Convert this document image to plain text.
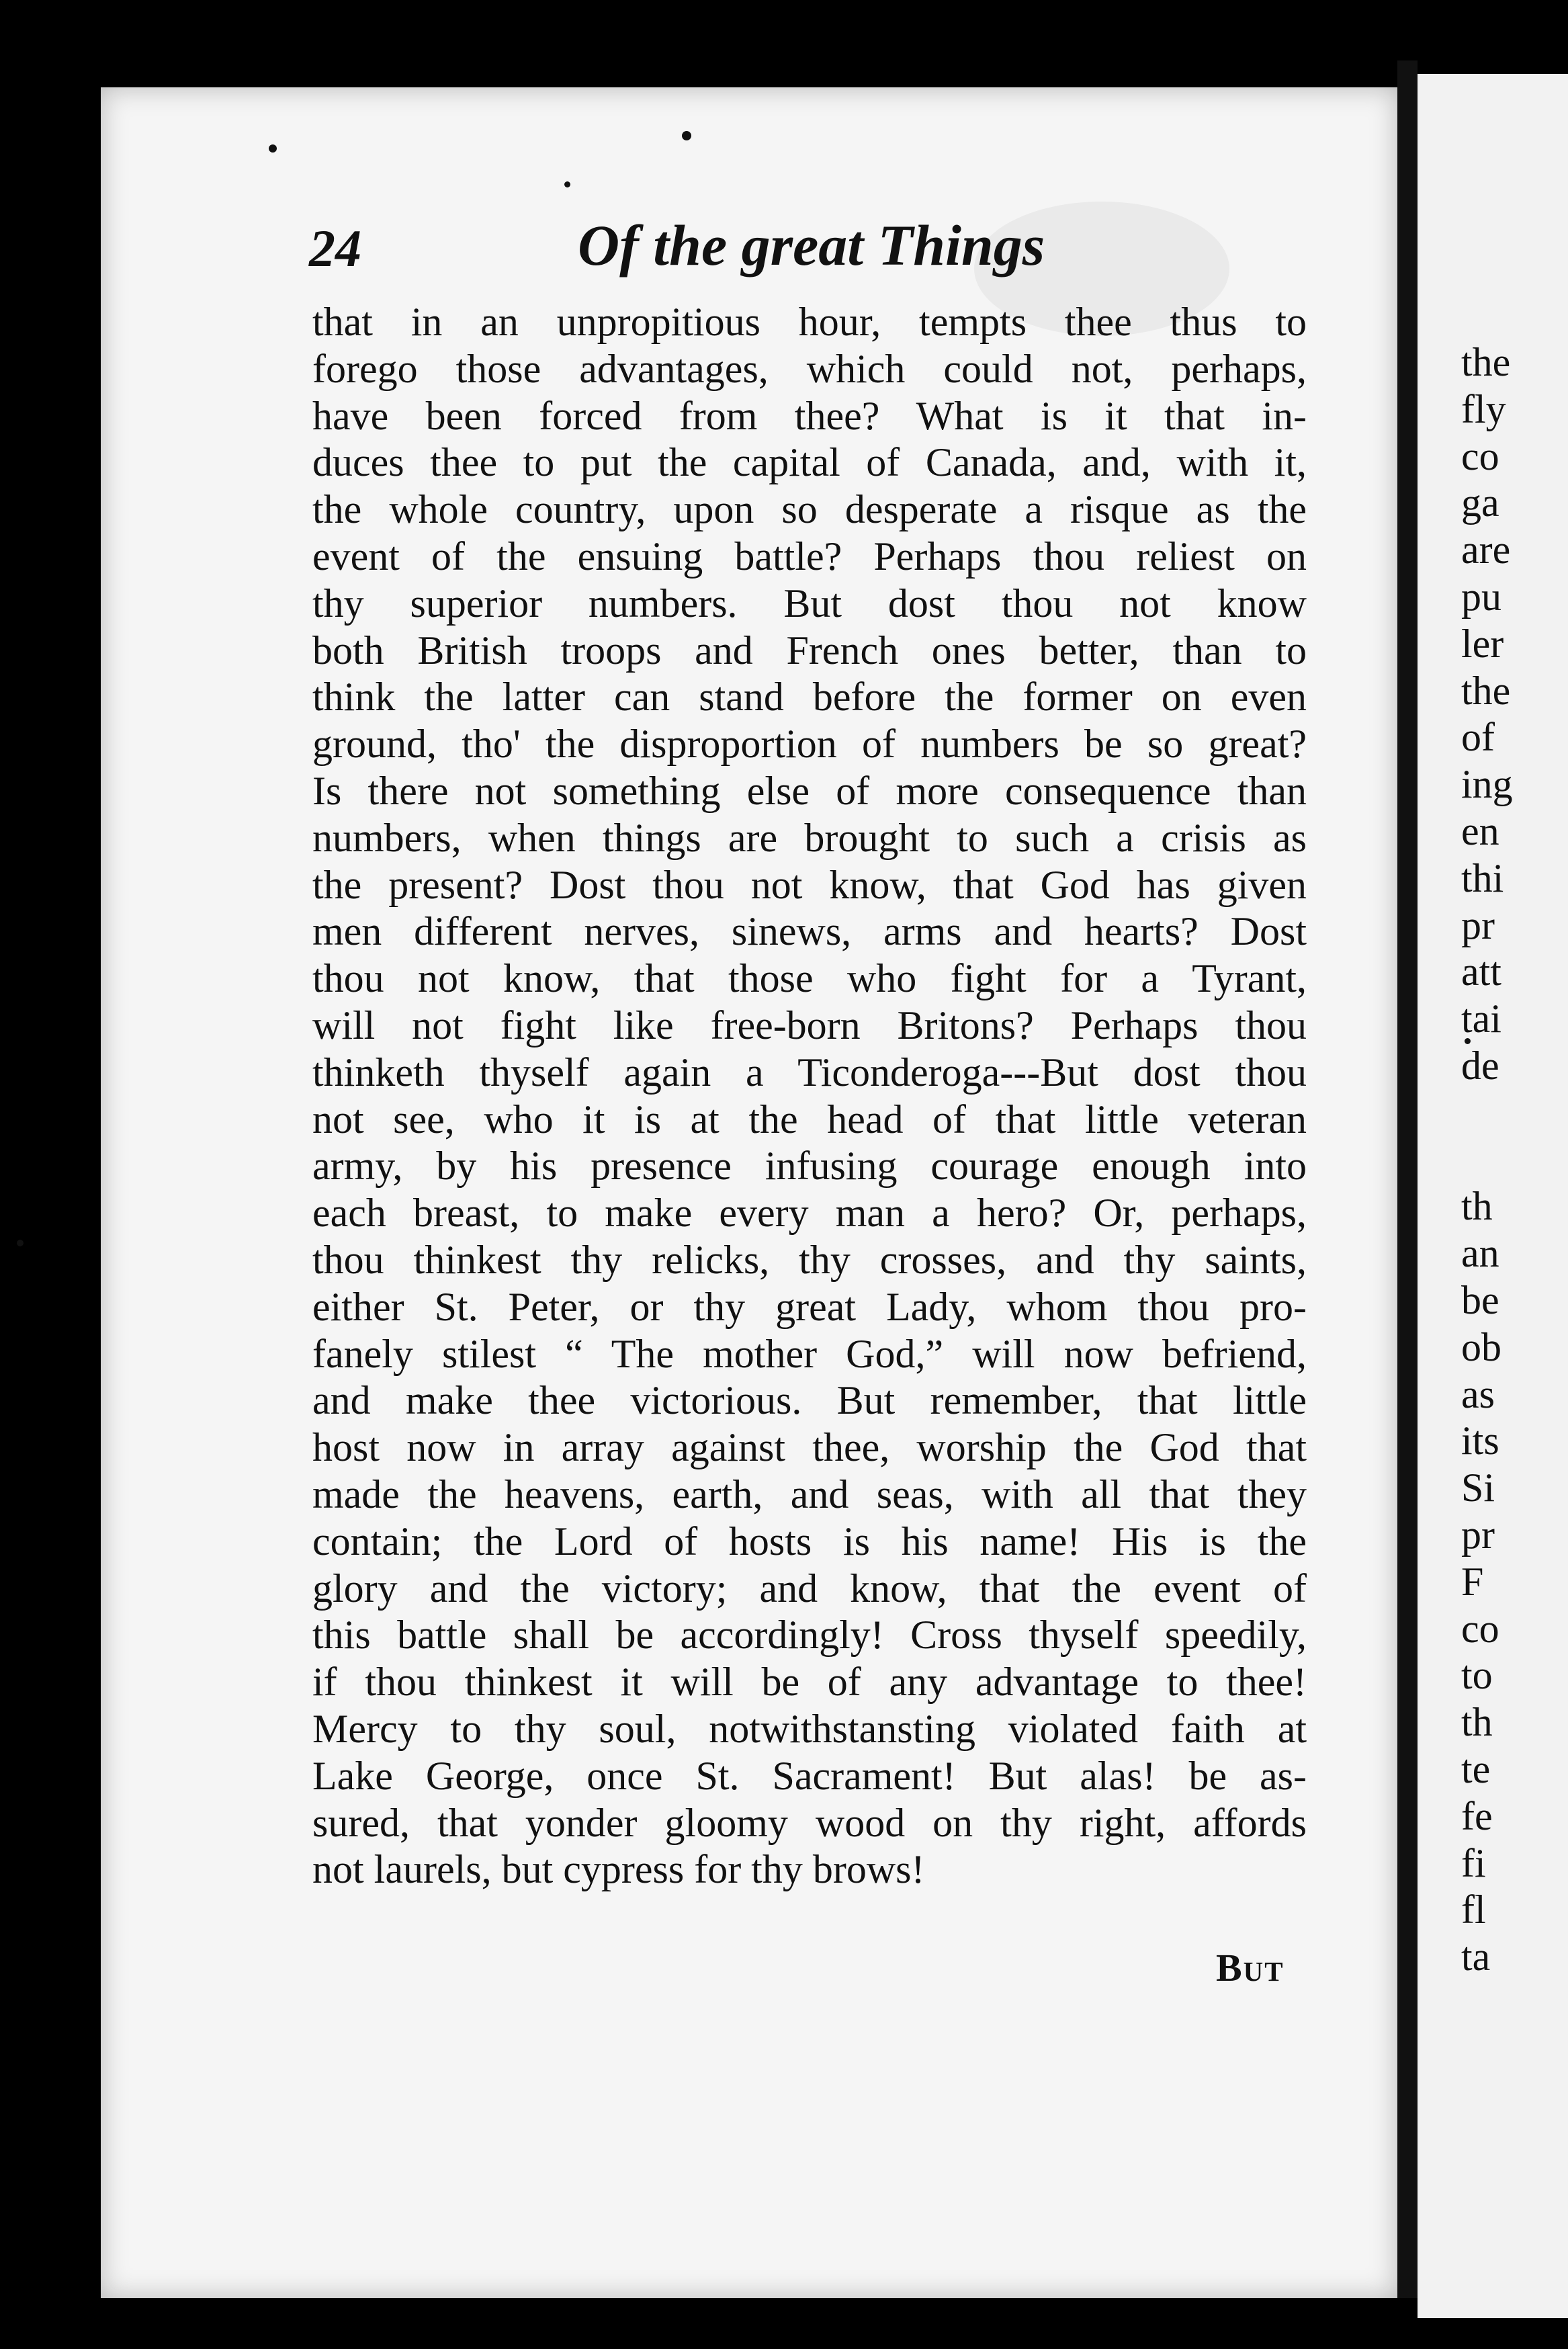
24	Of the great Things
that in an unpropitious hour, tempts thee thus to
forego those advantages, which could not, perhaps,
have been forced from thee? What is it that in-
duces thee to put the capital of Canada, and, with it,
the whole country, upon so desperate a risque as the
event of the ensuing battle? Perhaps thou reliest on
thy superior numbers. But dost thou not know
both British troops and French ones better, than to
think the latter can stand before the former on even
ground, tho' the disproportion of numbers be so great?
Is there not something else of more consequence than
numbers, when things are brought to such a crisis as
the present? Dost thou not know, that God has given
men different nerves, sinews, arms and hearts? Dost
thou not know, that those who fight for a Tyrant,
will not fight like free-born Britons? Perhaps thou
thinketh thyself again a Ticonderoga---But dost thou
not see, who it is at the head of that little veteran
army, by his presence infusing courage enough into
each breast, to make every man a hero? Or, perhaps,
thou thinkest thy relicks, thy crosses, and thy saints,
either St. Peter, or thy great Lady, whom thou pro-
fanely stilest “ The mother God,” will now befriend,
and make thee victorious. But remember, that little
host now in array against thee, worship the God that
made the heavens, earth, and seas, with all that they
contain; the Lord of hosts is his name! His is the
glory and the victory; and know, that the event of
this battle shall be accordingly! Cross thyself speedily,
if thou thinkest it will be of any advantage to thee!
Mercy to thy soul, notwithstansting violated faith at
Lake George, once St. Sacrament! But alas! be as-
sured, that yonder gloomy wood on thy right, affords
not laurels, but cypress for thy brows!
But
the
fly
co
ga
are
pu
ler
the
of
ing
en
thi
pr
att
tai
de
th
an
be
ob
as
its
Si
pr
F
co
to
th
te
fe
fi
fl
ta
